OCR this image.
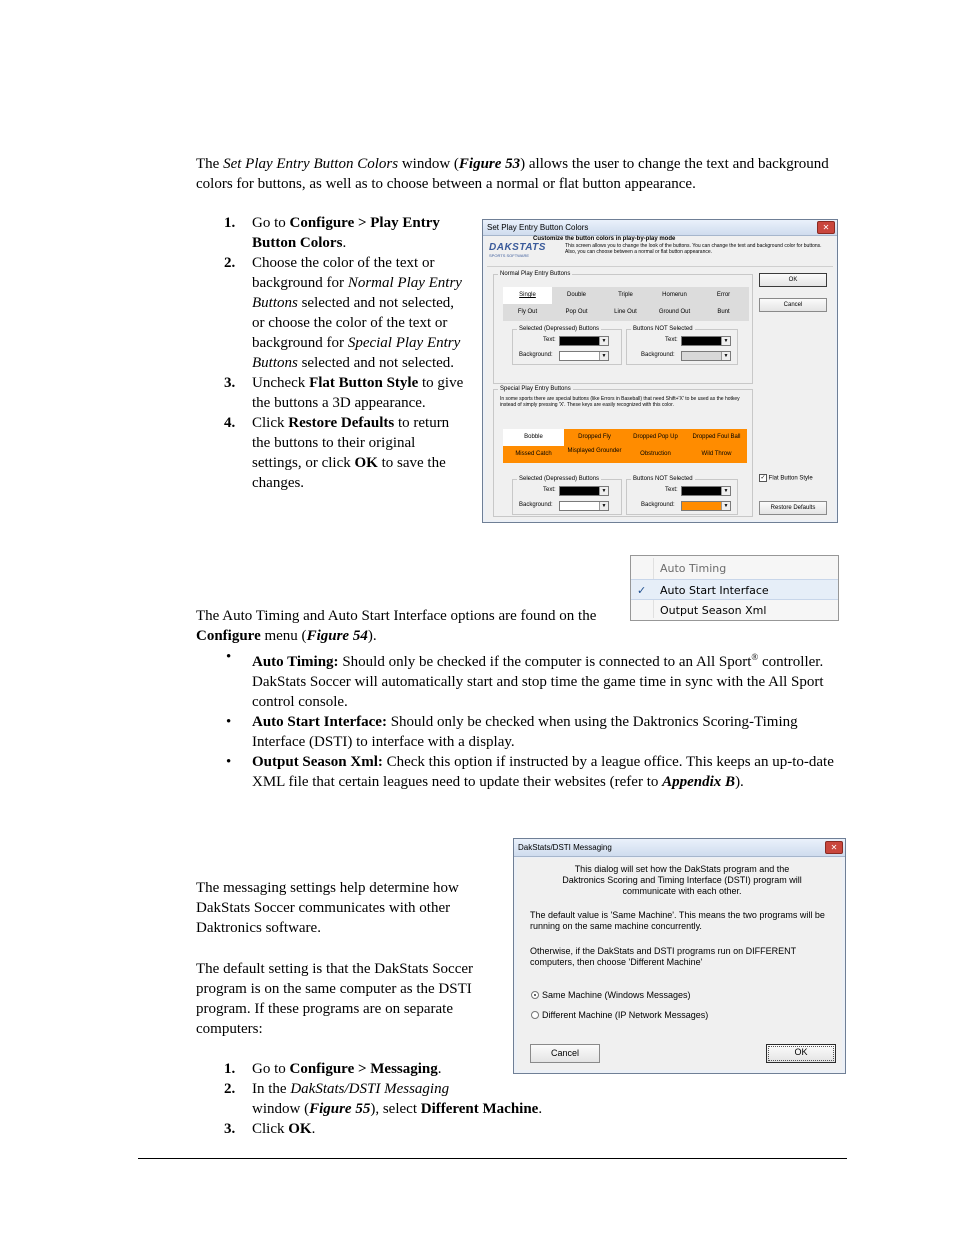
The Set Play Entry Button Colors window (Figure 53) allows the user to change the text and background colors for buttons, as well as to choose between a normal or flat button appearance.
1. Go to Configure > Play Entry Button Colors.
2. Choose the color of the text or background for Normal Play Entry Buttons selected and not selected, or choose the color of the text or background for Special Play Entry Buttons selected and not selected.
3. Uncheck Flat Button Style to give the buttons a 3D appearance.
4. Click Restore Defaults to return the buttons to their original settings, or click OK to save the changes.
Set Play Entry Button Colors	✕
DAKSTATS
SPORTS SOFTWARE
Customize the button colors in play-by-play mode
This screen allows you to change the look of the buttons. You can change the text and background color for buttons. Also, you can choose between a normal or flat button appearance.
Normal Play Entry Buttons
Single	Double	Triple	Homerun	Error
Fly Out	Pop Out	Line Out	Ground Out	Bunt
Selected (Depressed) Buttons
Text:	▼
Background:	▼
Buttons NOT Selected
Text:	▼
Background:	▼
Special Play Entry Buttons
In some sports there are special buttons (like Errors in Baseball) that need Shift+'X' to be used as the hotkey instead of simply pressing 'X'. These keys are easily recognized with this color.
Bobble	Dropped Fly	Dropped Pop Up	Dropped Foul Ball
Missed Catch	Misplayed Grounder	Obstruction	Wild Throw
Selected (Depressed) Buttons
Text:	▼
Background:	▼
Buttons NOT Selected
Text:	▼
Background:	▼
OK
Cancel
✓ Flat Button Style
Restore Defaults
Auto Timing
✓ Auto Start Interface
Output Season Xml
The Auto Timing and Auto Start Interface options are found on the Configure menu (Figure 54).
• Auto Timing: Should only be checked if the computer is connected to an All Sport® controller. DakStats Soccer will automatically start and stop time the game time in sync with the All Sport control console.
• Auto Start Interface: Should only be checked when using the Daktronics Scoring-Timing Interface (DSTI) to interface with a display.
• Output Season Xml: Check this option if instructed by a league office. This keeps an up-to-date XML file that certain leagues need to update their websites (refer to Appendix B).
The messaging settings help determine how DakStats Soccer communicates with other Daktronics software.
The default setting is that the DakStats Soccer program is on the same computer as the DSTI program. If these programs are on separate computers:
1. Go to Configure > Messaging.
2. In the DakStats/DSTI Messaging
window (Figure 55), select Different Machine.
3. Click OK.
DakStats/DSTI Messaging	✕
This dialog will set how the DakStats program and the Daktronics Scoring and Timing Interface (DSTI) program will communicate with each other.
The default value is 'Same Machine'. This means the two programs will be running on the same machine concurrently.
Otherwise, if the DakStats and DSTI programs run on DIFFERENT computers, then choose 'Different Machine'
Same Machine (Windows Messages)
Different Machine (IP Network Messages)
Cancel	OK
